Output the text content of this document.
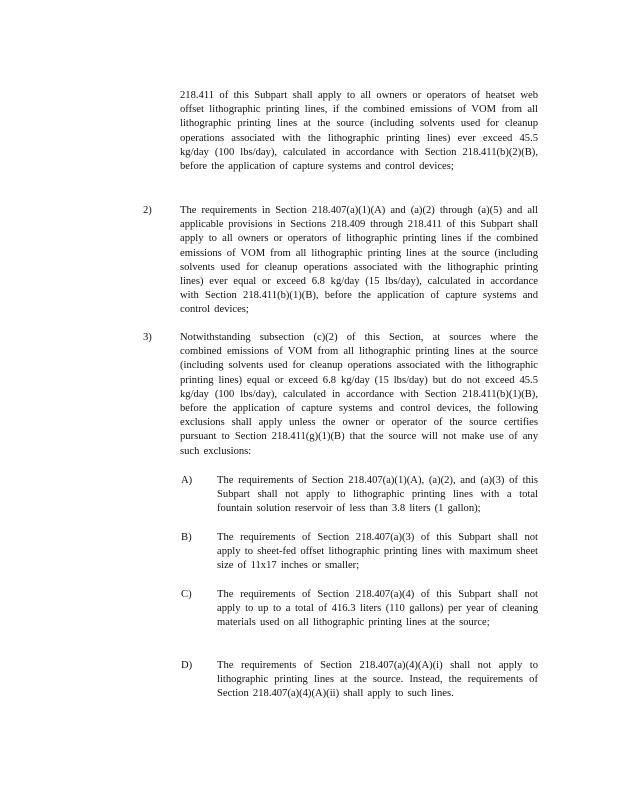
218.411 of this Subpart shall apply to all owners or operators of heatset web offset lithographic printing lines, if the combined emissions of VOM from all lithographic printing lines at the source (including solvents used for cleanup operations associated with the lithographic printing lines) ever exceed 45.5 kg/day (100 lbs/day), calculated in accordance with Section 218.411(b)(2)(B), before the application of capture systems and control devices;

2)	The requirements in Section 218.407(a)(1)(A) and (a)(2) through (a)(5) and all applicable provisions in Sections 218.409 through 218.411 of this Subpart shall apply to all owners or operators of lithographic printing lines if the combined emissions of VOM from all lithographic printing lines at the source (including solvents used for cleanup operations associated with the lithographic printing lines) ever equal or exceed 6.8 kg/day (15 lbs/day), calculated in accordance with Section 218.411(b)(1)(B), before the application of capture systems and control devices;

3)	Notwithstanding subsection (c)(2) of this Section, at sources where the combined emissions of VOM from all lithographic printing lines at the source (including solvents used for cleanup operations associated with the lithographic printing lines) equal or exceed 6.8 kg/day (15 lbs/day) but do not exceed 45.5 kg/day (100 lbs/day), calculated in accordance with Section 218.411(b)(1)(B), before the application of capture systems and control devices, the following exclusions shall apply unless the owner or operator of the source certifies pursuant to Section 218.411(g)(1)(B) that the source will not make use of any such exclusions:

A) The requirements of Section 218.407(a)(1)(A), (a)(2), and (a)(3) of this Subpart shall not apply to lithographic printing lines with a total fountain solution reservoir of less than 3.8 liters (1 gallon);

B) The requirements of Section 218.407(a)(3) of this Subpart shall not apply to sheet-fed offset lithographic printing lines with maximum sheet size of 11x17 inches or smaller;

C) The requirements of Section 218.407(a)(4) of this Subpart shall not apply to up to a total of 416.3 liters (110 gallons) per year of cleaning materials used on all lithographic printing lines at the source;

D) The requirements of Section 218.407(a)(4)(A)(i) shall not apply to lithographic printing lines at the source. Instead, the requirements of Section 218.407(a)(4)(A)(ii) shall apply to such lines.
